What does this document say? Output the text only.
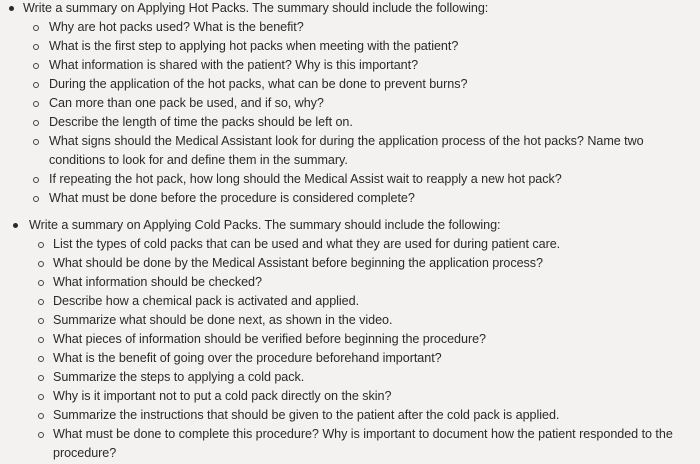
Write a summary on Applying Hot Packs. The summary should include the following:
Why are hot packs used? What is the benefit?
What is the first step to applying hot packs when meeting with the patient?
What information is shared with the patient? Why is this important?
During the application of the hot packs, what can be done to prevent burns?
Can more than one pack be used, and if so, why?
Describe the length of time the packs should be left on.
What signs should the Medical Assistant look for during the application process of the hot packs? Name two conditions to look for and define them in the summary.
If repeating the hot pack, how long should the Medical Assist wait to reapply a new hot pack?
What must be done before the procedure is considered complete?
Write a summary on Applying Cold Packs. The summary should include the following:
List the types of cold packs that can be used and what they are used for during patient care.
What should be done by the Medical Assistant before beginning the application process?
What information should be checked?
Describe how a chemical pack is activated and applied.
Summarize what should be done next, as shown in the video.
What pieces of information should be verified before beginning the procedure?
What is the benefit of going over the procedure beforehand important?
Summarize the steps to applying a cold pack.
Why is it important not to put a cold pack directly on the skin?
Summarize the instructions that should be given to the patient after the cold pack is applied.
What must be done to complete this procedure? Why is important to document how the patient responded to the procedure?
